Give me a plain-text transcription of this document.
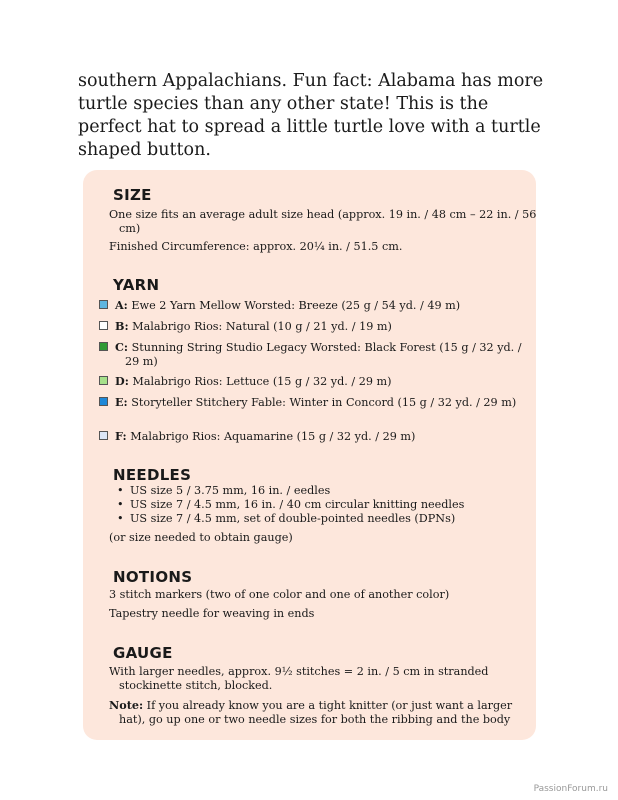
southern Appalachians. Fun fact: Alabama has more turtle species than any other state! This is the perfect hat to spread a little turtle love with a turtle shaped button.

SIZE

One size fits an average adult size head (approx. 19 in. / 48 cm – 22 in. / 56 cm)

Finished Circumference: approx. 20¼ in. / 51.5 cm.

YARN

A: Ewe 2 Yarn Mellow Worsted: Breeze (25 g / 54 yd. / 49 m)

B: Malabrigo Rios: Natural (10 g / 21 yd. / 19 m)

C: Stunning String Studio Legacy Worsted: Black Forest (15 g / 32 yd. / 29 m)

D: Malabrigo Rios: Lettuce (15 g / 32 yd. / 29 m)

E: Storyteller Stitchery Fable: Winter in Concord (15 g / 32 yd. / 29 m)

F: Malabrigo Rios: Aquamarine (15 g / 32 yd. / 29 m)

NEEDLES
• US size 5 / 3.75 mm, 16 in. / eedles
• US size 7 / 4.5 mm, 16 in. / 40 cm circular knitting needles
• US size 7 / 4.5 mm, set of double-pointed needles (DPNs)

(or size needed to obtain gauge)

NOTIONS

3 stitch markers (two of one color and one of another color)

Tapestry needle for weaving in ends

GAUGE

With larger needles, approx. 9½ stitches = 2 in. / 5 cm in stranded stockinette stitch, blocked.

Note: If you already know you are a tight knitter (or just want a larger hat), go up one or two needle sizes for both the ribbing and the body

PassionForum.ru
